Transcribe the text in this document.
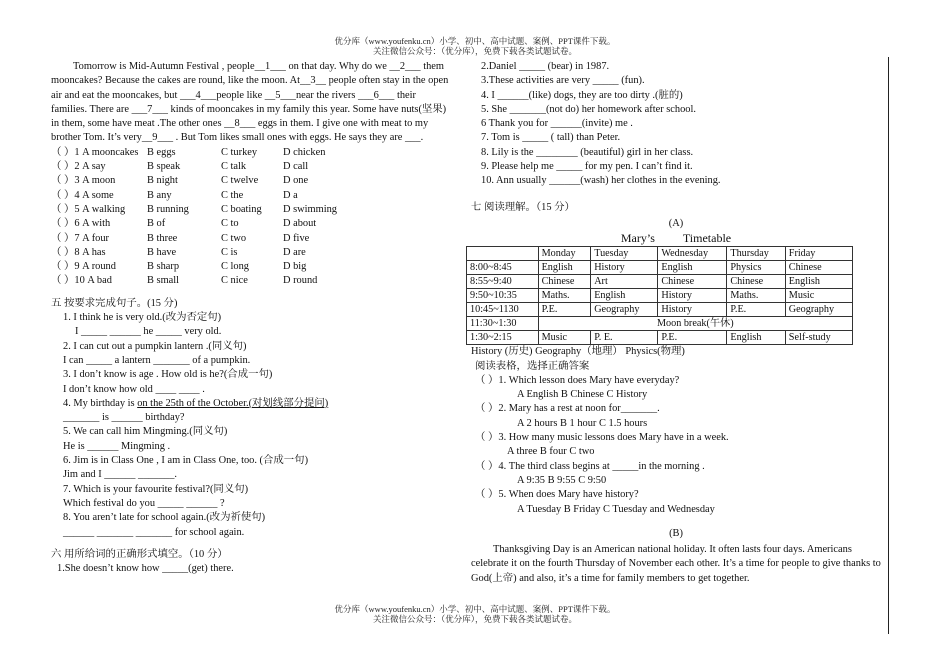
优分库（www.youfenku.cn）小学、初中、高中试题、案例、PPT课件下载。
关注微信公众号：（优分库），免费下载各类试题试卷。

Tomorrow is Mid-Autumn Festival , people__1___ on that day. Why do we __2___ them mooncakes? Because the cakes are round, like the moon. At__3__ people often stay in the open air and eat the mooncakes, but ___4___people like __5___near the rivers ___6___ their families. There are ___7___ kinds of mooncakes in my family this year. Some have nuts(坚果) in them, some have meat .The other ones __8___ eggs in them. I give one with meat to my brother Tom. It’s very__9___ . But Tom likes small ones with eggs. He says they are ___.

（ ）1 A mooncakes B eggs	C turkey	D chicken
（ ）2 A say	B speak	C talk	D call
（ ）3 A moon	B night	C twelve	D one
（ ）4 A some	B any	C the	D a
（ ）5 A walking	B running	C boating	D swimming
（ ）6 A with	B of	C to	D about
（ ）7 A four	B three	C two	D five
（ ）8 A has	B have	C is	D are
（ ）9 A round	B sharp	C long	D big
（ ）10 A bad	B small	C nice	D round
五 按要求完成句子。(15 分)
1. I think he is very old.(改为否定句)
I _____ ______ he _____ very old.
2. I can cut out a pumpkin lantern .(同义句)
I can _____ a lantern _______ of a pumpkin.
3. I don’t know is age . How old is he?(合成一句)
I don’t know how old ____ ____ .
4. My birthday is on the 25th of the October.(对划线部分提问)
_______ is ______ birthday?
5. We can call him Mingming.(同义句)
He is ______ Mingming .
6. Jim is in Class One , I am in Class One, too. (合成一句)
Jim and I ______ _______.
7. Which is your favourite festival?(同义句)
Which festival do you _____ ______ ?
8. You aren’t late for school again.(改为祈使句)
______ _______ _______ for school again.
六 用所给词的正确形式填空。（10 分）
1.She doesn’t know how _____(get) there.
2.Daniel _____ (bear) in 1987.
3.These activities are very _____ (fun).
4. I ______(like) dogs, they are too dirty .(脏的)
5. She _______(not do) her homework after school.
6 Thank you for ______(invite) me .
7. Tom is _____ ( tall) than Peter.
8. Lily is the ________ (beautiful) girl in her class.
9. Please help me _____ for my pen. I can’t find it.
10. Ann usually ______(wash) her clothes in the evening.
七 阅读理解。（15 分）
(A)
Mary’s Timetable
	Monday	Tuesday	Wednesday	Thursday	Friday
8:00~8:45	English	History	English	Physics	Chinese
8:55~9:40	Chinese	Art	Chinese	Chinese	English
9:50~10:35	Maths.	English	History	Maths.	Music
10:45~1130	P.E.	Geography	History	P.E.	Geography
11:30~1:30	Moon break(午休)				
1:30~2:15	Music	P. E.	P.E.	English	Self-study
History (历史) Geography（地理） Physics(物理)
阅读表格，选择正确答案
（ ）1. Which lesson does Mary have everyday?
A English B Chinese C History
（ ）2. Mary has a rest at noon for_______.
A 2 hours B 1 hour C 1.5 hours
（ ）3. How many music lessons does Mary have in a week.
A three B four C two
（ ）4. The third class begins at _____in the morning .
A 9:35 B 9:55 C 9:50
（ ）5. When does Mary have history?
A Tuesday B Friday C Tuesday and Wednesday
(B)

Thanksgiving Day is an American national holiday. It often lasts four days. Americans celebrate it on the fourth Thursday of November each other. It’s a time for people to give thanks to God(上帝) and also, it’s a time for family members to get together.

优分库（www.youfenku.cn）小学、初中、高中试题、案例、PPT课件下载。
关注微信公众号：（优分库），免费下载各类试题试卷。
